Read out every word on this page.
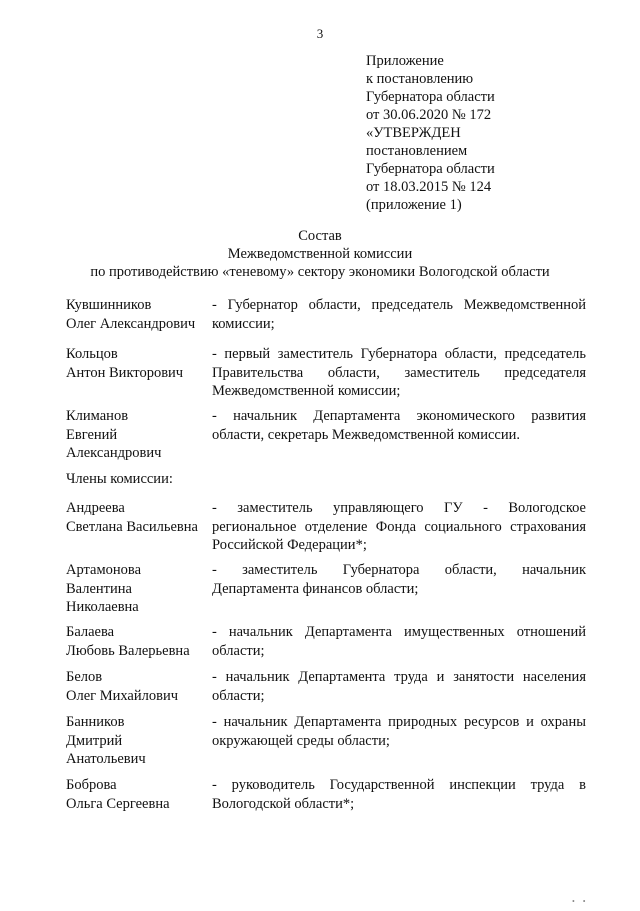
3
Приложение
к постановлению
Губернатора области
от 30.06.2020 № 172
«УТВЕРЖДЕН
постановлением
Губернатора области
от 18.03.2015 № 124
(приложение 1)
Состав
Межведомственной комиссии
по противодействию «теневому» сектору экономики Вологодской области
Кувшинников
Олег Александрович
- Губернатор области, председатель Межведомственной комиссии;
Кольцов
Антон Викторович
- первый заместитель Губернатора области, председатель Правительства области, заместитель председателя Межведомственной комиссии;
Климанов
Евгений
Александрович
- начальник Департамента экономического развития области, секретарь Межведомственной комиссии.
Члены комиссии:
Андреева
Светлана Васильевна
- заместитель управляющего ГУ - Вологодское региональное отделение Фонда социального страхования Российской Федерации*;
Артамонова
Валентина
Николаевна
- заместитель Губернатора области, начальник Департамента финансов области;
Балаева
Любовь Валерьевна
- начальник Департамента имущественных отношений области;
Белов
Олег Михайлович
- начальник Департамента труда и занятости населения области;
Банников
Дмитрий
Анатольевич
- начальник Департамента природных ресурсов и охраны окружающей среды области;
Боброва
Ольга Сергеевна
- руководитель Государственной инспекции труда в Вологодской области*;
• •
